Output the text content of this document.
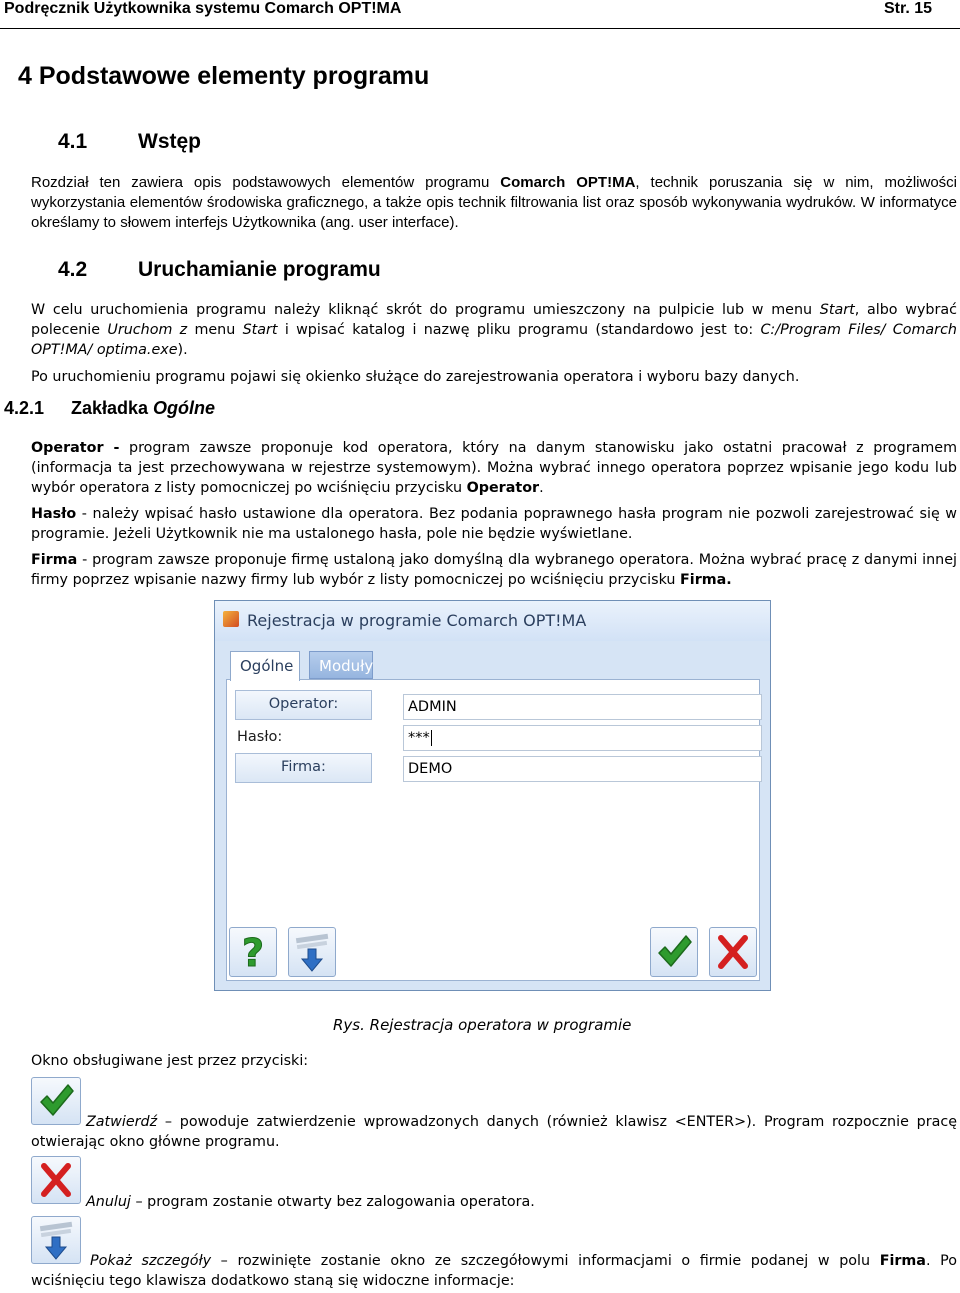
Podręcznik Użytkownika systemu Comarch OPT!MA	Str. 15
4 Podstawowe elementy programu
4.1 Wstęp

Rozdział ten zawiera opis podstawowych elementów programu Comarch OPT!MA, technik poruszania się w nim, możliwości wykorzystania elementów środowiska graficznego, a także opis technik filtrowania list oraz sposób wykonywania wydruków. W informatyce określamy to słowem interfejs Użytkownika (ang. user interface).

4.2 Uruchamianie programu

W celu uruchomienia programu należy kliknąć skrót do programu umieszczony na pulpicie lub w menu Start, albo wybrać polecenie Uruchom z menu Start i wpisać katalog i nazwę pliku programu (standardowo jest to: C:/Program Files/ Comarch OPT!MA/ optima.exe).

Po uruchomieniu programu pojawi się okienko służące do zarejestrowania operatora i wyboru bazy danych.

4.2.1 Zakładka Ogólne

Operator - program zawsze proponuje kod operatora, który na danym stanowisku jako ostatni pracował z programem (informacja ta jest przechowywana w rejestrze systemowym). Można wybrać innego operatora poprzez wpisanie jego kodu lub wybór operatora z listy pomocniczej po wciśnięciu przycisku Operator.

Hasło - należy wpisać hasło ustawione dla operatora. Bez podania poprawnego hasła program nie pozwoli zarejestrować się w programie. Jeżeli Użytkownik nie ma ustalonego hasła, pole nie będzie wyświetlane.

Firma - program zawsze proponuje firmę ustaloną jako domyślną dla wybranego operatora. Można wybrać pracę z danymi innej firmy poprzez wpisanie nazwy firmy lub wybór z listy pomocniczej po wciśnięciu przycisku Firma.

Rejestracja w programie Comarch OPT!MA
Ogólne	Moduły
Operator:	ADMIN
Hasło:	***
Firma:	DEMO
?
Rys. Rejestracja operatora w programie
Okno obsługiwane jest przez przyciski:

Zatwierdź – powoduje zatwierdzenie wprowadzonych danych (również klawisz <ENTER>). Program rozpocznie pracę otwierając okno główne programu.

Anuluj – program zostanie otwarty bez zalogowania operatora.

Pokaż szczegóły – rozwinięte zostanie okno ze szczegółowymi informacjami o firmie podanej w polu Firma. Po wciśnięciu tego klawisza dodatkowo staną się widoczne informacje:
